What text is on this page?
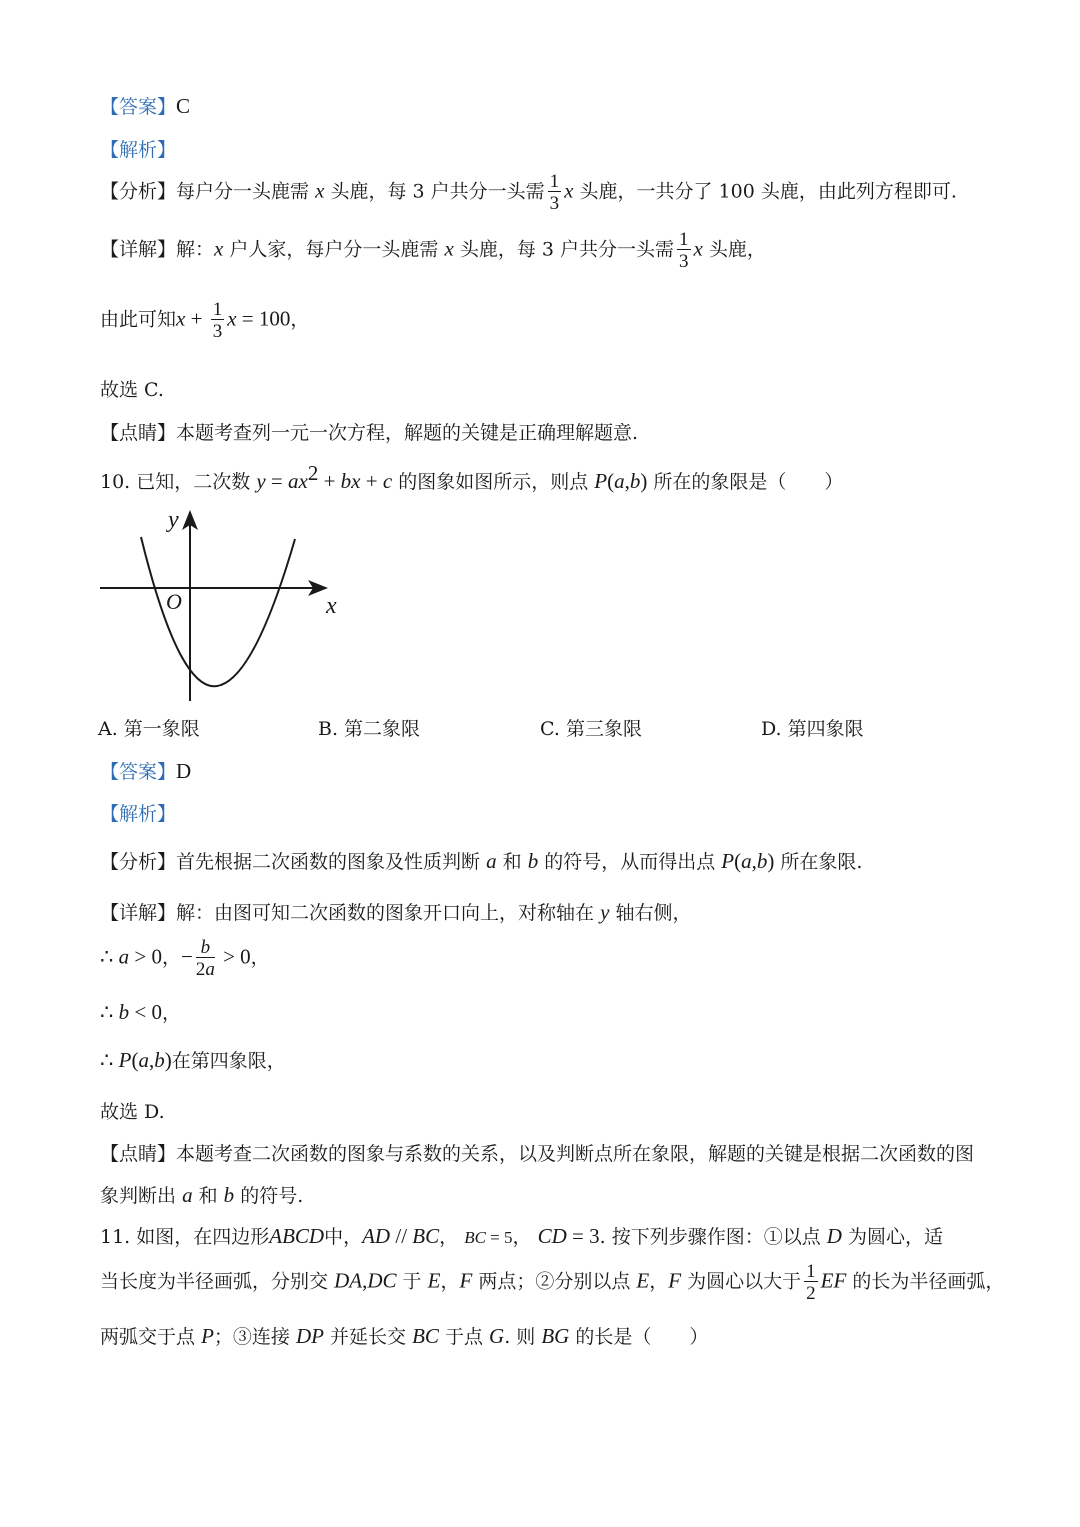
【答案】C
【解析】
【分析】每户分一头鹿需 x 头鹿，每 3 户共分一头需 $\frac{1}{3}$ x 头鹿，一共分了 100 头鹿，由此列方程即可.
【详解】解：x 户人家，每户分一头鹿需 x 头鹿，每 3 户共分一头需 $\frac{1}{3}$ x 头鹿，
由此可知$x + \frac{1}{3}$ x = 100，
故选 C.
【点睛】本题考查列一元一次方程，解题的关键是正确理解题意.
10. 已知，二次数 $y = ax^2$ + bx + c 的图象如图所示，则点 P(a,b) 所在的象限是（　　）
y
x
O
A. 第一象限	B. 第二象限	C. 第三象限	D. 第四象限
【答案】D
【解析】
【分析】首先根据二次函数的图象及性质判断 a 和 b 的符号，从而得出点 P(a,b) 所在象限.
【详解】解：由图可知二次函数的图象开口向上，对称轴在 y 轴右侧，
∴ a > 0，− $\frac{b}{2a} > 0$，
∴ b < 0，
∴ P(a,b)在第四象限，
故选 D.
【点睛】本题考查二次函数的图象与系数的关系，以及判断点所在象限，解题的关键是根据二次函数的图
象判断出 a 和 b 的符号.
11. 如图，在四边形ABCD中，AD // BC， BC = 5， CD = 3. 按下列步骤作图：①以点 D 为圆心，适
当长度为半径画弧，分别交 DA,DC 于 E，F 两点；②分别以点 E，F 为圆心以大于 $\frac{1}{2}$ EF 的长为半径画弧，
两弧交于点 P；③连接 DP 并延长交 BC 于点 G. 则 BG 的长是（　　）
